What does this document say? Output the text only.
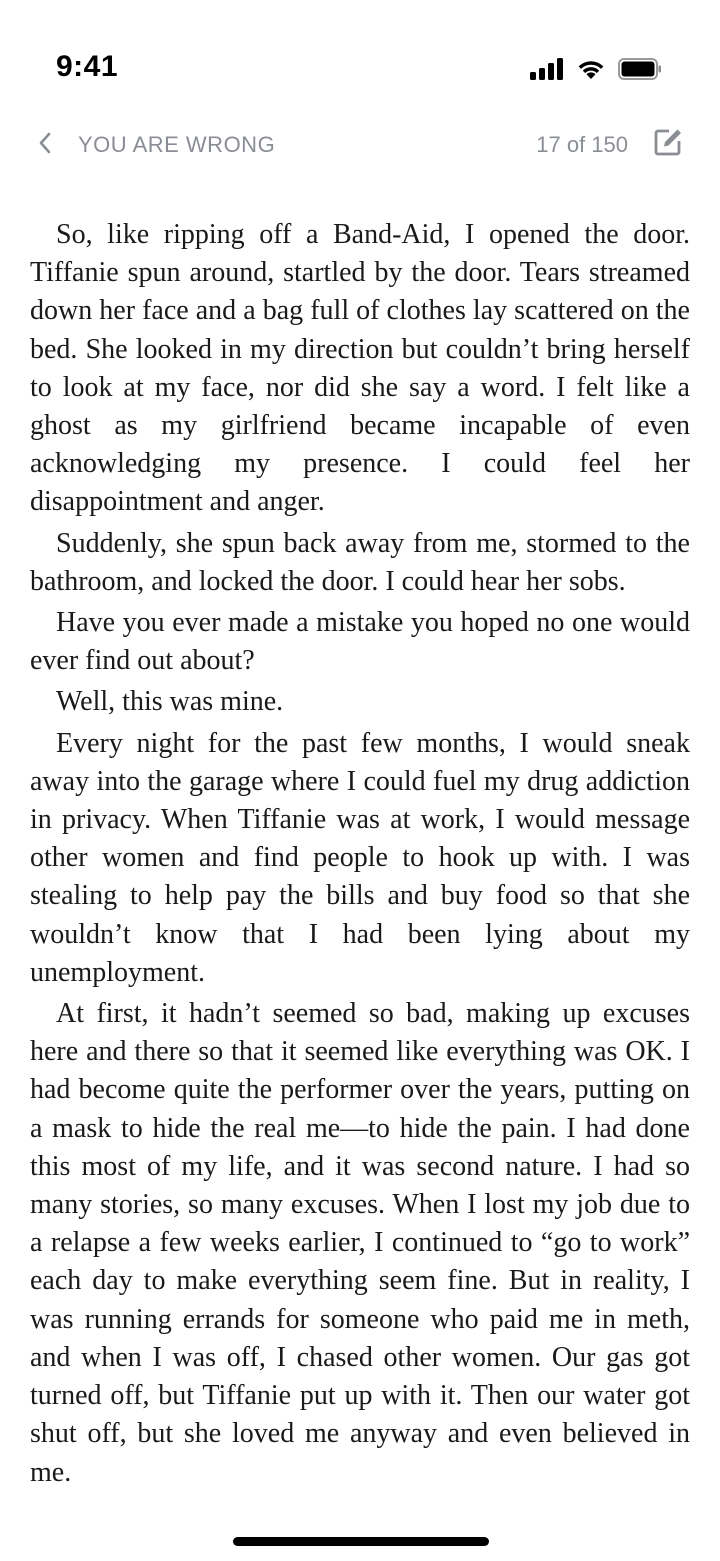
9:41
YOU ARE WRONG	17 of 150

So, like ripping off a Band-Aid, I opened the door. Tiffanie spun around, startled by the door. Tears streamed down her face and a bag full of clothes lay scattered on the bed. She looked in my direction but couldn’t bring herself to look at my face, nor did she say a word. I felt like a ghost as my girlfriend became incapable of even acknowledging my presence. I could feel her disappointment and anger.

Suddenly, she spun back away from me, stormed to the bathroom, and locked the door. I could hear her sobs.

Have you ever made a mistake you hoped no one would ever find out about?

Well, this was mine.

Every night for the past few months, I would sneak away into the garage where I could fuel my drug addiction in privacy. When Tiffanie was at work, I would message other women and find people to hook up with. I was stealing to help pay the bills and buy food so that she wouldn’t know that I had been lying about my unemployment.

At first, it hadn’t seemed so bad, making up excuses here and there so that it seemed like everything was OK. I had become quite the performer over the years, putting on a mask to hide the real me—to hide the pain. I had done this most of my life, and it was second nature. I had so many stories, so many excuses. When I lost my job due to a relapse a few weeks earlier, I continued to “go to work” each day to make everything seem fine. But in reality, I was running errands for someone who paid me in meth, and when I was off, I chased other women. Our gas got turned off, but Tiffanie put up with it. Then our water got shut off, but she loved me anyway and even believed in me.
